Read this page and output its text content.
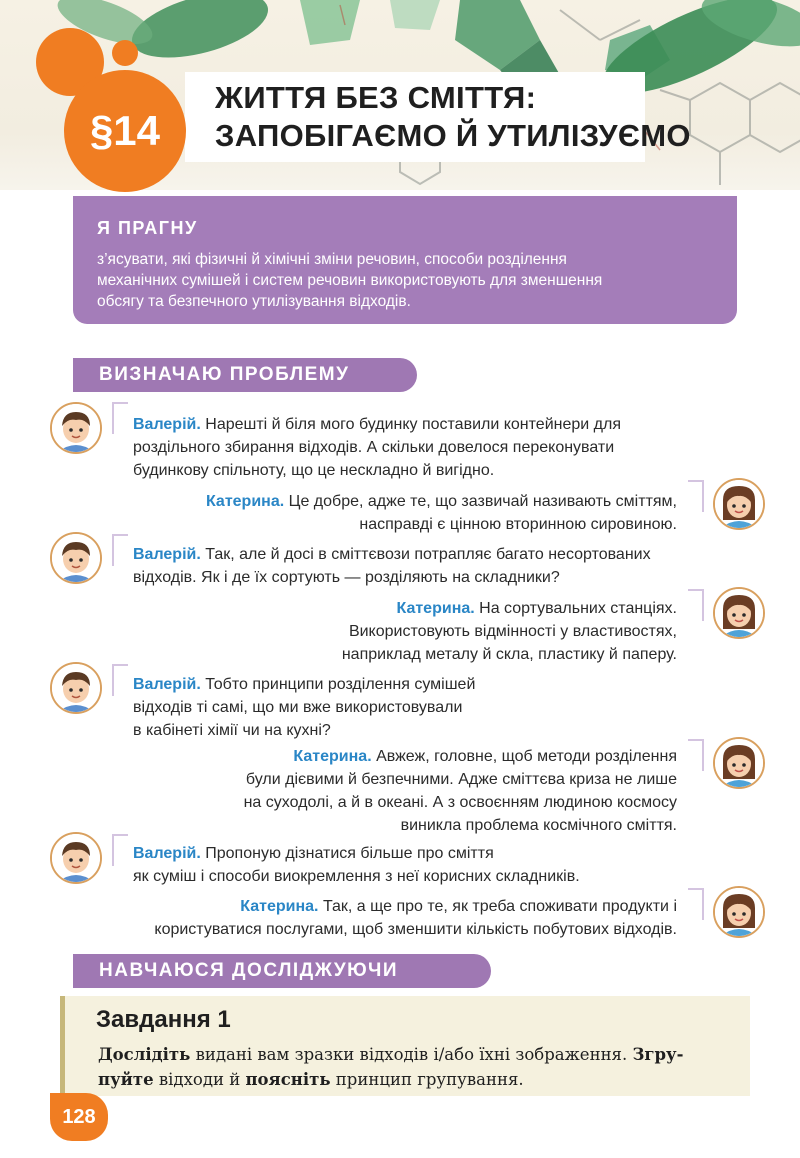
ЖИТТЯ БЕЗ СМІТТЯ:
ЗАПОБІГАЄМО Й УТИЛІЗУЄМО
§14
Я ПРАГНУ
з’ясувати, які фізичні й хімічні зміни речовин, способи розділення
механічних сумішей і систем речовин використовують для зменшення
обсягу та безпечного утилізування відходів.
ВИЗНАЧАЮ ПРОБЛЕМУ
Валерій. Нарешті й біля мого будинку поставили контейнери для
роздільного збирання відходів. А скільки довелося переконувати
будинкову спільноту, що це нескладно й вигідно.
Катерина. Це добре, адже те, що зазвичай називають сміттям,
насправді є цінною вторинною сировиною.
Валерій. Так, але й досі в сміттєвози потрапляє багато несортованих
відходів. Як і де їх сортують — розділяють на складники?
Катерина. На сортувальних станціях.
Використовують відмінності у властивостях,
наприклад металу й скла, пластику й паперу.
Валерій. Тобто принципи розділення сумішей
відходів ті самі, що ми вже використовували
в кабінеті хімії чи на кухні?
Катерина. Авжеж, головне, щоб методи розділення
були дієвими й безпечними. Адже сміттєва криза не лише
на суходолі, а й в океані. А з освоєнням людиною космосу
виникла проблема космічного сміття.
Валерій. Пропоную дізнатися більше про сміття
як суміш і способи виокремлення з неї корисних складників.
Катерина. Так, а ще про те, як треба споживати продукти і
користуватися послугами, щоб зменшити кількість побутових відходів.
НАВЧАЮСЯ ДОСЛІДЖУЮЧИ
Завдання 1
Дослідіть видані вам зразки відходів і/або їхні зображення. Згру-
пуйте відходи й поясніть принцип групування.
128
